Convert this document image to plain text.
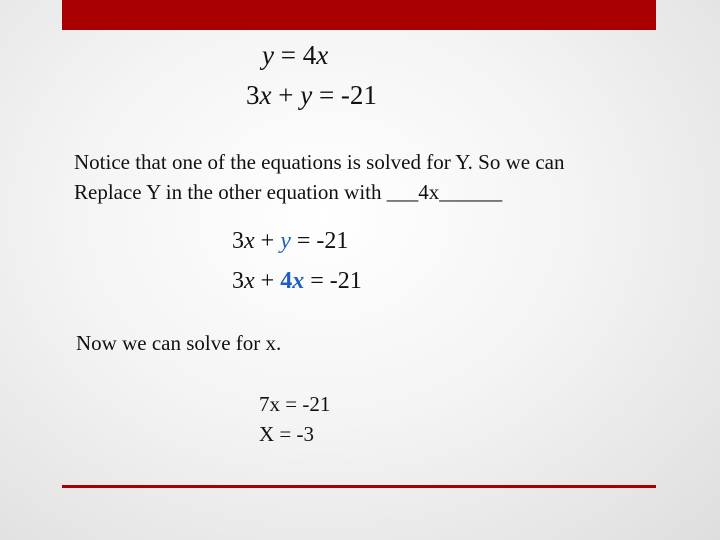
y = 4x
3x + y = -21

Notice that one of the equations is solved for Y. So we can

Replace Y in the other equation with ___4x______

3x + y = -21
3x + 4x = -21

Now we can solve for x.

7x = -21

X = -3
